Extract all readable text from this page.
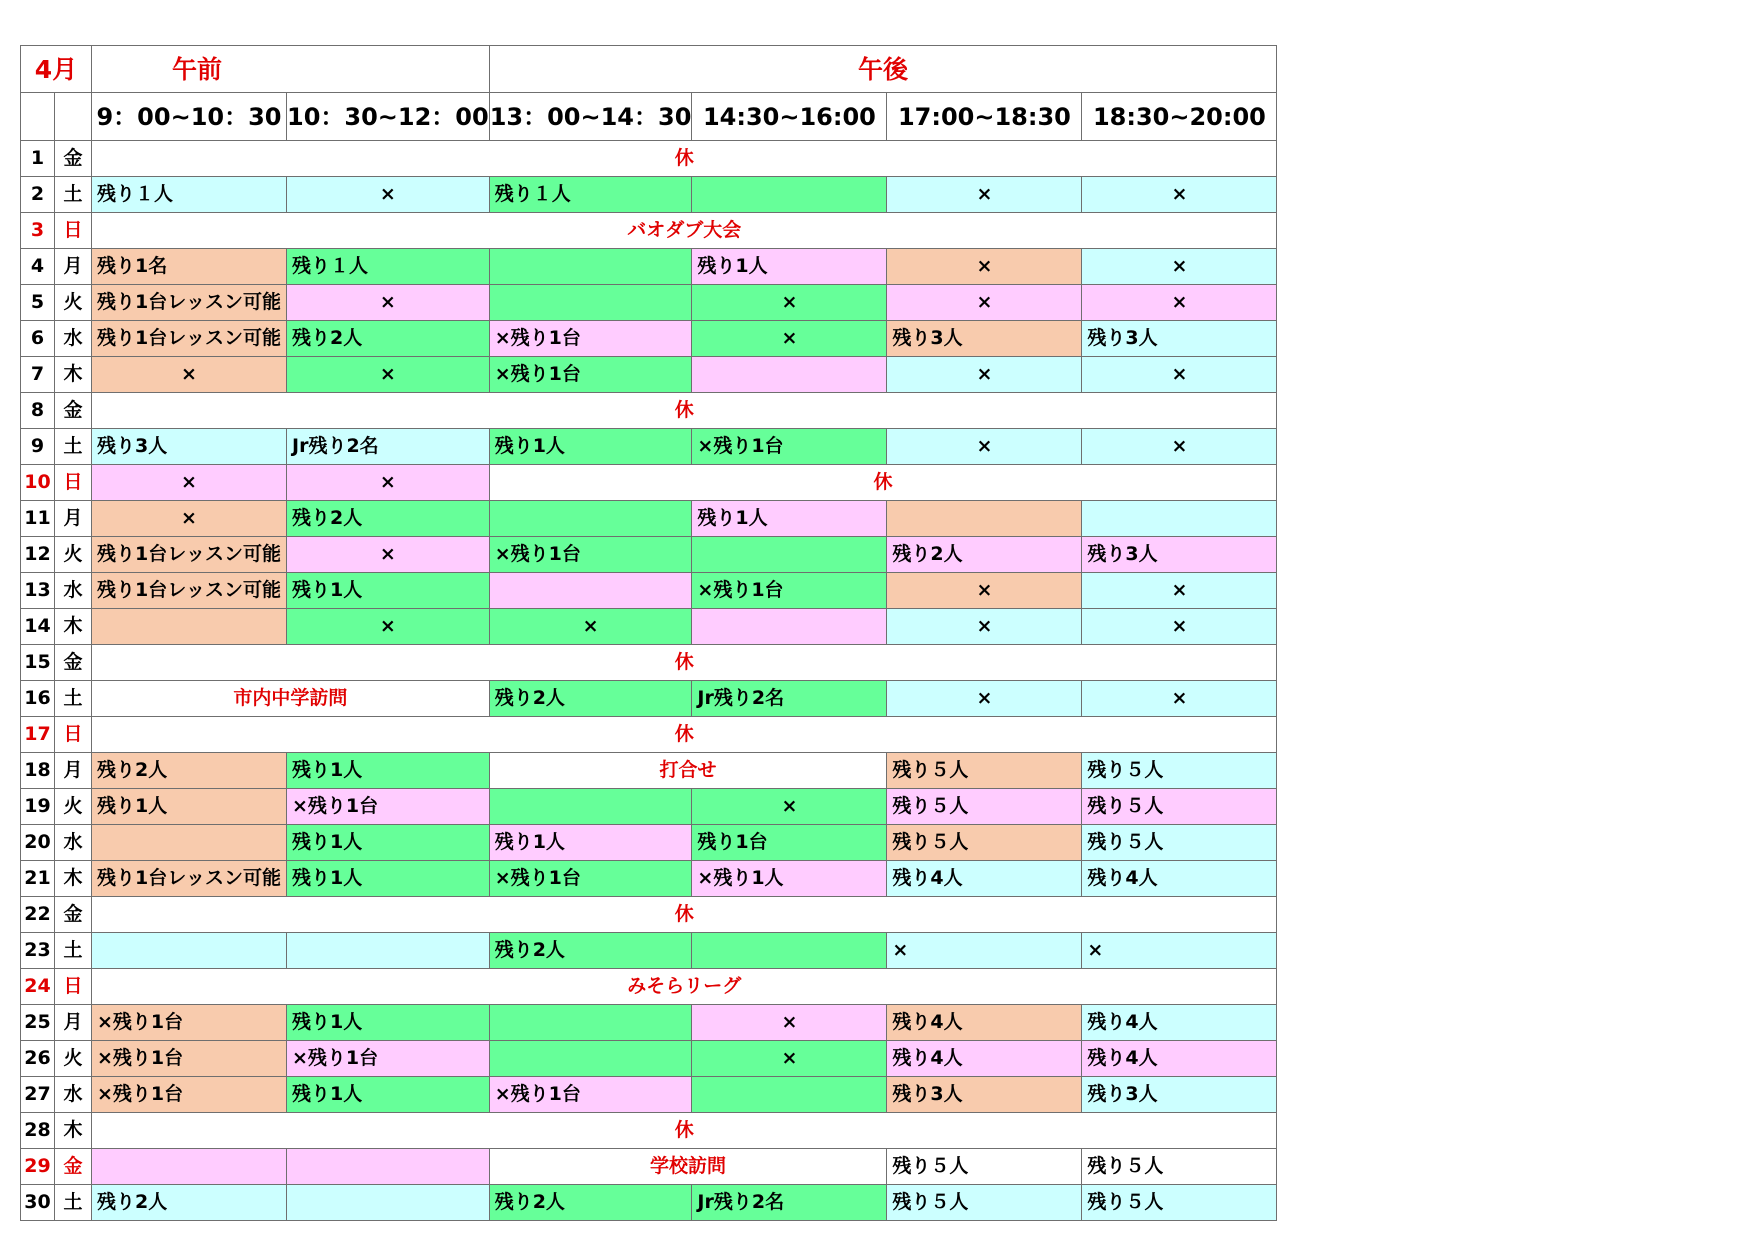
4月		午前		午後			
		9：00~10：30	10：30~12：00	13：00~14：30	14:30~16:00	17:00~18:30	18:30~20:00
1	金	休					
2	土	残り１人	×	残り１人		×	×
3	日	バオダブ大会					
4	月	残り1名	残り１人		残り1人	×	×
5	火	残り1台レッスン可能	×		×	×	×
6	水	残り1台レッスン可能	残り2人	×残り1台	×	残り3人	残り3人
7	木	×	×	×残り1台		×	×
8	金	休					
9	土	残り3人	Jr残り2名	残り1人	×残り1台	×	×
10	日	×	×	休			
11	月	×	残り2人		残り1人		
12	火	残り1台レッスン可能	×	×残り1台		残り2人	残り3人
13	水	残り1台レッスン可能	残り1人		×残り1台	×	×
14	木		×	×		×	×
15	金	休					
16	土	市内中学訪問		残り2人	Jr残り2名	×	×
17	日	休					
18	月	残り2人	残り1人	打合せ		残り５人	残り５人
19	火	残り1人	×残り1台		×	残り５人	残り５人
20	水		残り1人	残り1人	残り1台	残り５人	残り５人
21	木	残り1台レッスン可能	残り1人	×残り1台	×残り1人	残り4人	残り4人
22	金	休					
23	土			残り2人		×	×
24	日	みそらリーグ					
25	月	×残り1台	残り1人		×	残り4人	残り4人
26	火	×残り1台	×残り1台		×	残り4人	残り4人
27	水	×残り1台	残り1人	×残り1台		残り3人	残り3人
28	木	休					
29	金			学校訪問		残り５人	残り５人
30	土	残り2人		残り2人	Jr残り2名	残り５人	残り５人
